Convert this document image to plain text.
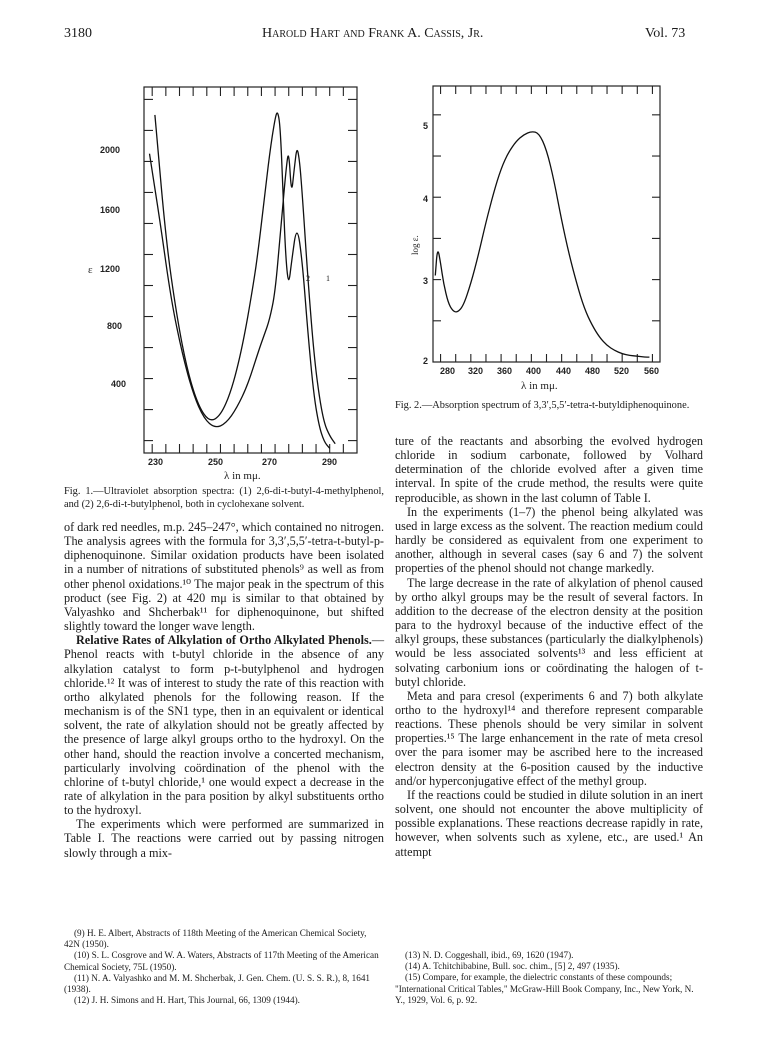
3180	Harold Hart and Frank A. Cassis, Jr.	Vol. 73
2000
1600
1200
800
400
230	250	270	290
ε
λ in mμ.
2 1
Fig. 1.—Ultraviolet absorption spectra: (1) 2,6-di-t-butyl-4-methylphenol, and (2) 2,6-di-t-butylphenol, both in cyclohexane solvent.
5
4
3
2
280 320 360 400 440 480 520 560
λ in mμ.
log ε.
Fig. 2.—Absorption spectrum of 3,3′,5,5′-tetra-t-butyldiphenoquinone.

of dark red needles, m.p. 245–247°, which contained no nitrogen. The analysis agrees with the formula for 3,3′,5,5′-tetra-t-butyl-p-diphenoquinone. Similar oxidation products have been isolated in a number of nitrations of substituted phenols⁹ as well as from other phenol oxidations.¹⁰ The major peak in the spectrum of this product (see Fig. 2) at 420 mμ is similar to that obtained by Valyashko and Shcherbak¹¹ for diphenoquinone, but shifted slightly toward the longer wave length.

Relative Rates of Alkylation of Ortho Alkylated Phenols.—Phenol reacts with t-butyl chloride in the absence of any alkylation catalyst to form p-t-butylphenol and hydrogen chloride.¹² It was of interest to study the rate of this reaction with ortho alkylated phenols for the following reason. If the mechanism is of the SN1 type, then in an equivalent or identical solvent, the rate of alkylation should not be greatly affected by the presence of large alkyl groups ortho to the hydroxyl. On the other hand, should the reaction involve a concerted mechanism, particularly involving coördination of the phenol with the chlorine of t-butyl chloride,¹ one would expect a decrease in the rate of alkylation in the para position by alkyl substituents ortho to the hydroxyl.

The experiments which were performed are summarized in Table I. The reactions were carried out by passing nitrogen slowly through a mix-

(9) H. E. Albert, Abstracts of 118th Meeting of the American Chemical Society, 42N (1950).

(10) S. L. Cosgrove and W. A. Waters, Abstracts of 117th Meeting of the American Chemical Society, 75L (1950).

(11) N. A. Valyashko and M. M. Shcherbak, J. Gen. Chem. (U. S. S. R.), 8, 1641 (1938).

(12) J. H. Simons and H. Hart, This Journal, 66, 1309 (1944).

ture of the reactants and absorbing the evolved hydrogen chloride in sodium carbonate, followed by Volhard determination of the chloride evolved after a given time interval. In spite of the crude method, the results were quite reproducible, as shown in the last column of Table I.

In the experiments (1–7) the phenol being alkylated was used in large excess as the solvent. The reaction medium could hardly be considered as equivalent from one experiment to another, although in several cases (say 6 and 7) the solvent properties of the phenol should not change markedly.

The large decrease in the rate of alkylation of phenol caused by ortho alkyl groups may be the result of several factors. In addition to the decrease of the electron density at the position para to the hydroxyl because of the inductive effect of the alkyl groups, these substances (particularly the dialkylphenols) would be less associated solvents¹³ and less efficient at solvating carbonium ions or coördinating the halogen of t-butyl chloride.

Meta and para cresol (experiments 6 and 7) both alkylate ortho to the hydroxyl¹⁴ and therefore represent comparable reactions. These phenols should be very similar in solvent properties.¹⁵ The large enhancement in the rate of meta cresol over the para isomer may be ascribed here to the increased electron density at the 6-position caused by the inductive and/or hyperconjugative effect of the methyl group.

If the reactions could be studied in dilute solution in an inert solvent, one should not encounter the above multiplicity of possible explanations. These reactions decrease rapidly in rate, however, when solvents such as xylene, etc., are used.¹ An attempt

(13) N. D. Coggeshall, ibid., 69, 1620 (1947).

(14) A. Tchitchibabine, Bull. soc. chim., [5] 2, 497 (1935).

(15) Compare, for example, the dielectric constants of these compounds; "International Critical Tables," McGraw-Hill Book Company, Inc., New York, N. Y., 1929, Vol. 6, p. 92.
